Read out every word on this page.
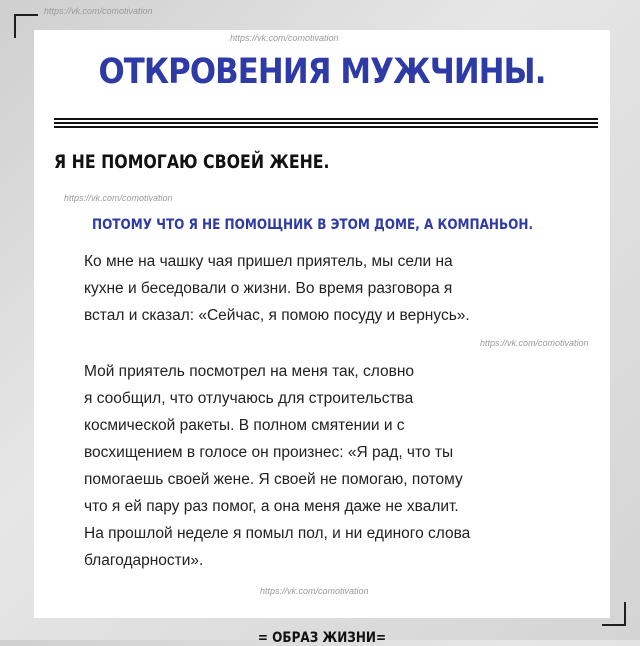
https://vk.com/comotivation
https://vk.com/comotivation
ОТКРОВЕНИЯ МУЖЧИНЫ.
Я НЕ ПОМОГАЮ СВОЕЙ ЖЕНЕ.
https://vk.com/comotivation
ПОТОМУ ЧТО Я НЕ ПОМОЩНИК В ЭТОМ ДОМЕ, А КОМПАНЬОН.
Ко мне на чашку чая пришел приятель, мы сели на
кухне и беседовали о жизни. Во время разговора я
встал и сказал: «Сейчас, я помою посуду и вернусь».
https://vk.com/comotivation
Мой приятель посмотрел на меня так, словно
я сообщил, что отлучаюсь для строительства
космической ракеты. В полном смятении и с
восхищением в голосе он произнес: «Я рад, что ты
помогаешь своей жене. Я своей не помогаю, потому
что я ей пару раз помог, а она меня даже не хвалит.
На прошлой неделе я помыл пол, и ни единого слова
благодарности».
https://vk.com/comotivation
= ОБРАЗ ЖИЗНИ=
